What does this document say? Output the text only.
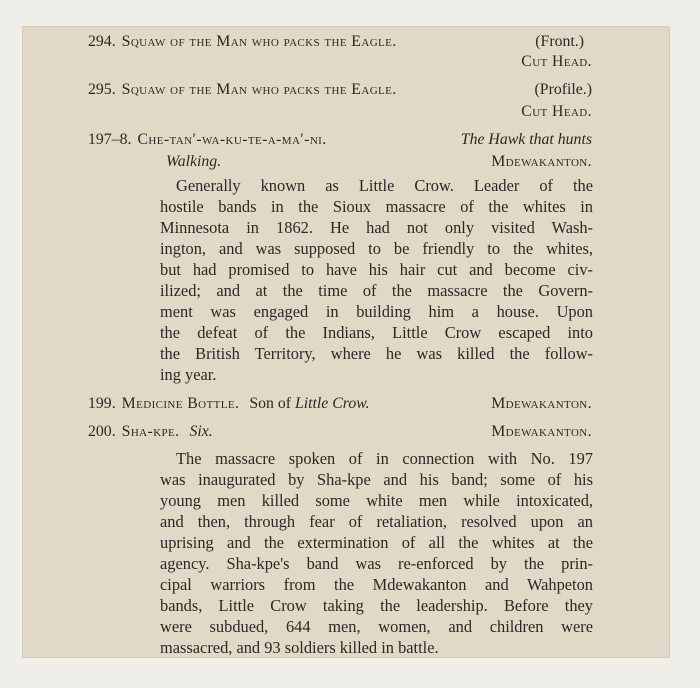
294. Squaw of the Man who packs the Eagle.	(Front.)
Cut Head.
295. Squaw of the Man who packs the Eagle.	(Profile.)
Cut Head.
197–8. Che-tan′-wa-ku-te-a-ma′-ni.	The Hawk that hunts
Walking.	Mdewakanton.
Generally known as Little Crow. Leader of the
hostile bands in the Sioux massacre of the whites in
Minnesota in 1862. He had not only visited Wash-
ington, and was supposed to be friendly to the whites,
but had promised to have his hair cut and become civ-
ilized; and at the time of the massacre the Govern-
ment was engaged in building him a house. Upon
the defeat of the Indians, Little Crow escaped into
the British Territory, where he was killed the follow-
ing year.
199. Medicine Bottle. Son of Little Crow.	Mdewakanton.
200. Sha-kpe. Six.	Mdewakanton.
The massacre spoken of in connection with No. 197
was inaugurated by Sha-kpe and his band; some of his
young men killed some white men while intoxicated,
and then, through fear of retaliation, resolved upon an
uprising and the extermination of all the whites at the
agency. Sha-kpe's band was re-enforced by the prin-
cipal warriors from the Mdewakanton and Wahpeton
bands, Little Crow taking the leadership. Before they
were subdued, 644 men, women, and children were
massacred, and 93 soldiers killed in battle.
